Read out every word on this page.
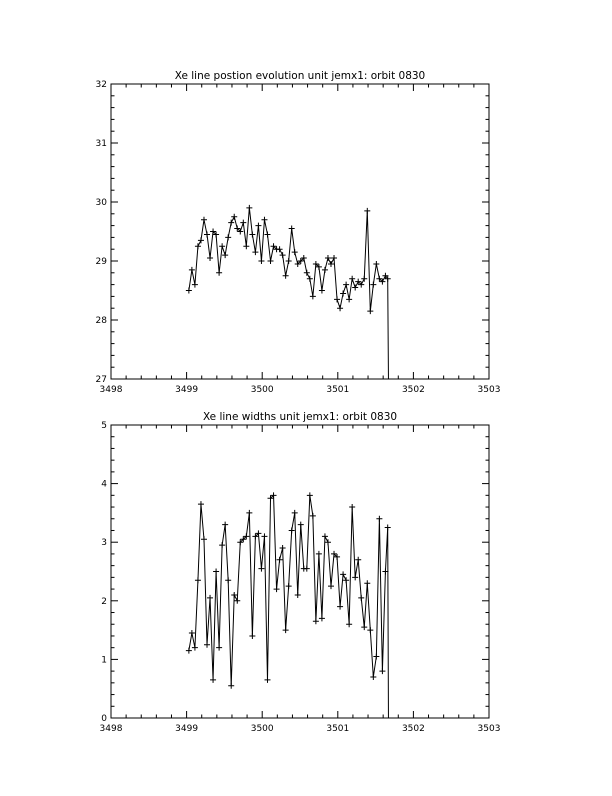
Xe line postion evolution unit jemx1: orbit 0830
3498	3499	3500	3501	3502	3503
27
28
29
30
31
32
Xe line widths unit jemx1: orbit 0830
3498	3499	3500	3501	3502	3503
0
1
2
3
4
5
